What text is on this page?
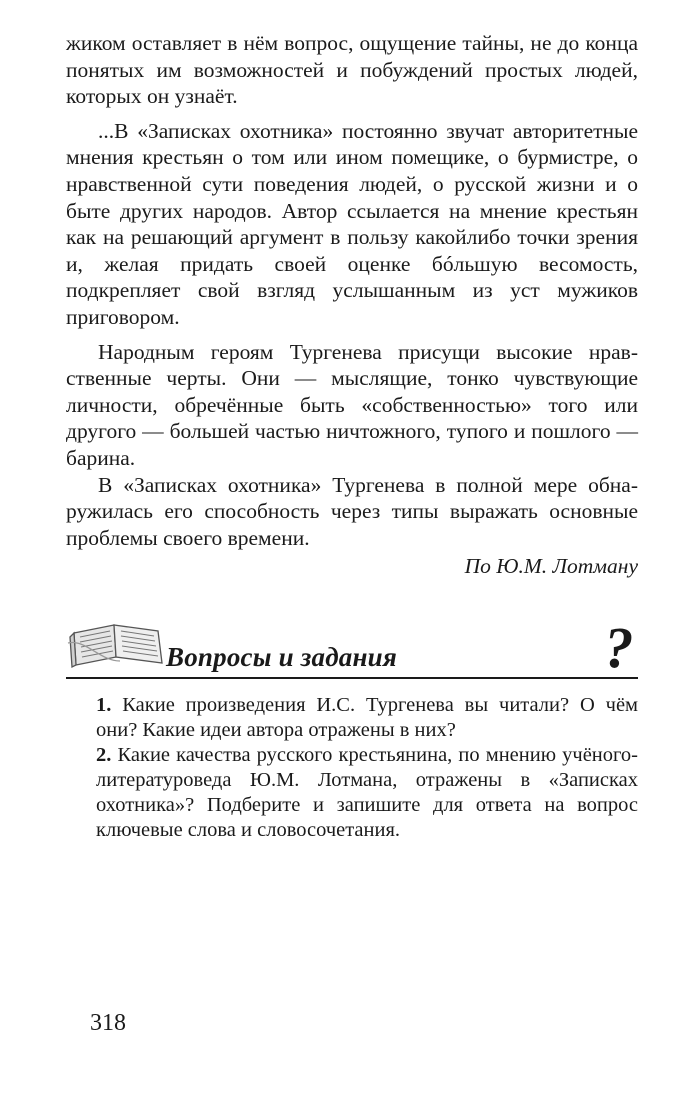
жиком оставляет в нём вопрос, ощущение тайны, не до конца понятых им возможностей и побуждений простых людей, которых он узнаёт.

...В «Записках охотника» постоянно звучат авторитетные мнения крестьян о том или ином помещике, о бурмистре, о нравственной сути поведения людей, о русской жизни и о быте других народов. Автор ссылается на мнение крестьян как на решающий аргумент в пользу какойлибо точки зрения и, желая придать своей оценке бóльшую весомость, подкрепляет свой взгляд услышанным из уст мужиков приговором.

Народным героям Тургенева присущи высокие нравственные черты. Они — мыслящие, тонко чувствующие личности, обречённые быть «собственностью» того или другого — большей частью ничтожного, тупого и пошлого — барина.

В «Записках охотника» Тургенева в полной мере обнаружилась его способность через типы выражать основные проблемы своего времени.

По Ю.М. Лотману
Вопросы и задания	?

1. Какие произведения И.С. Тургенева вы читали? О чём они? Какие идеи автора отражены в них?

2. Какие качества русского крестьянина, по мнению учёного-литературоведа Ю.М. Лотмана, отражены в «Записках охотника»? Подберите и запишите для ответа на вопрос ключевые слова и словосочетания.

318
